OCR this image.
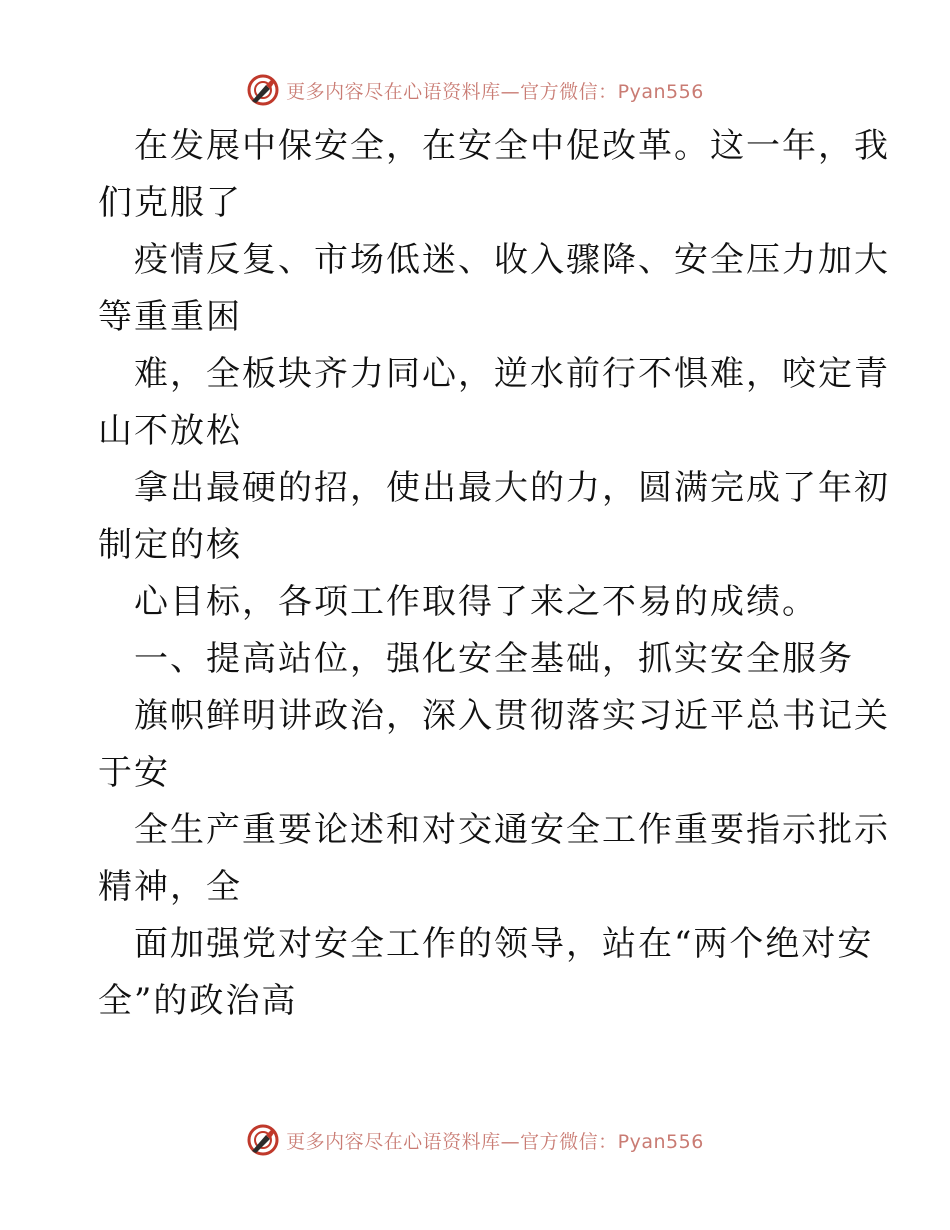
更多内容尽在心语资料库—官方微信：Pyan556

在发展中保安全，在安全中促改革。这一年，我

们克服了

疫情反复、市场低迷、收入骤降、安全压力加大

等重重困

难，全板块齐力同心，逆水前行不惧难，咬定青

山不放松

拿出最硬的招，使出最大的力，圆满完成了年初

制定的核

心目标，各项工作取得了来之不易的成绩。

一、提高站位，强化安全基础，抓实安全服务

旗帜鲜明讲政治，深入贯彻落实习近平总书记关

于安

全生产重要论述和对交通安全工作重要指示批示

精神，全

面加强党对安全工作的领导，站在“两个绝对安

全”的政治高

更多内容尽在心语资料库—官方微信：Pyan556
